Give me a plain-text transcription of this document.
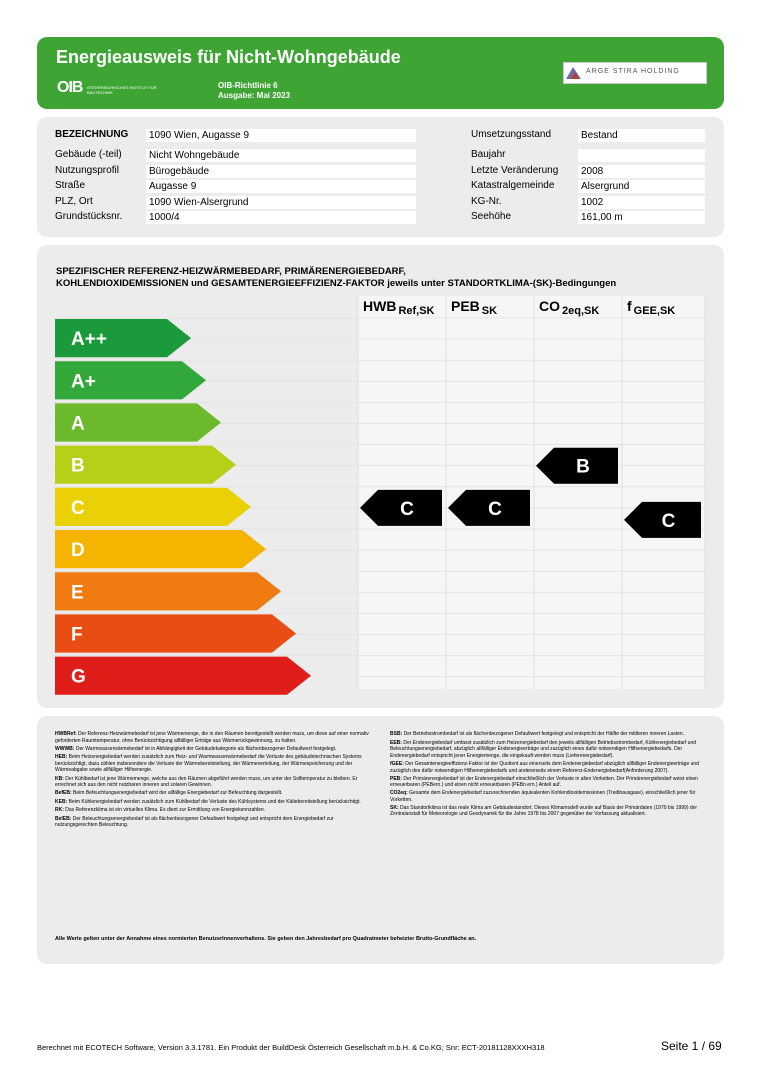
Energieausweis für Nicht-Wohngebäude
OIB ÖSTERREICHISCHES INSTITUT FÜR BAUTECHNIK
OIB-Richtlinie 6
Ausgabe: Mai 2023
ARGE STIRA HOLDING
BEZEICHNUNG	1090 Wien, Augasse 9
Gebäude (-teil)	Nicht Wohngebäude
Nutzungsprofil	Bürogebäude
Straße	Augasse 9
PLZ, Ort	1090 Wien-Alsergrund
Grundstücksnr.	1000/4
Umsetzungsstand	Bestand
Baujahr
Letzte Veränderung	2008
Katastralgemeinde	Alsergrund
KG-Nr.	1002
Seehöhe	161,00 m
SPEZIFISCHER REFERENZ-HEIZWÄRMEBEDARF, PRIMÄRENERGIEBEDARF,
KOHLENDIOXIDEMISSIONEN und GESAMTENERGIEEFFIZIENZ-FAKTOR jeweils unter STANDORTKLIMA-(SK)-Bedingungen
A++
A+
A
B
C
D
E
F
G
HWB $_{Ref,SK}$
C
PEB $_{SK}$
C
CO $_{2eq,SK}$
B
f $_{GEE,SK}$
C
HWBRef: Der Referenz-Heizwärmebedarf ist jene Wärmemenge, die in den Räumen bereitgestellt werden muss, um diese auf einer normativ geforderten Raumtemperatur, ohne Berücksichtigung allfälliger Erträge aus Wärmerückgewinnung, zu halten.
WWWB: Der Warmwasserwärmebedarf ist in Abhängigkeit der Gebäudekategorie als flächenbezogener Defaultwert festgelegt.
HEB: Beim Heizenergiebedarf werden zusätzlich zum Heiz- und Warmwasserwärmebedarf die Verluste des gebäudetechnischen Systems berücksichtigt, dazu zählen insbesondere die Verluste der Wärmebereitstellung, der Wärmeverteilung, der Wärmespeicherung und der Wärmeabgabe sowie allfälliger Hilfsenergie.
KB: Der Kühlbedarf ist jene Wärmemenge, welche aus den Räumen abgeführt werden muss, um unter der Solltemperatur zu bleiben. Er errechnet sich aus den nicht nutzbaren inneren und solaren Gewinnen.
BefEB: Beim Befeuchtungsenergiebedarf wird der allfällige Energiebedarf zur Befeuchtung dargestellt.
KEB: Beim Kühlenergiebedarf werden zusätzlich zum Kühlbedarf die Verluste des Kühlsystems und der Kältebereitstellung berücksichtigt.
RK: Das Referenzklima ist ein virtuelles Klima. Es dient zur Ermittlung von Energiekennzahlen.
BelEB: Der Beleuchtungsenergiebedarf ist als flächenbezogener Defaultwert festgelegt und entspricht dem Energiebedarf zur nutzungsgerechten Beleuchtung.
BSB: Der Betriebsstrombedarf ist als flächenbezogener Defaultwert festgelegt und entspricht der Hälfte der mittleren inneren Lasten.
EEB: Der Endenergiebedarf umfasst zusätzlich zum Heizenergiebedarf den jeweils allfälligen Betriebsstrombedarf, Kühlenergiebedarf und Beleuchtungsenergiebedarf, abzüglich allfälliger Endenergieerträge und zuzüglich eines dafür notwendigen Hilfsenergiebedarfs. Der Endenergiebedarf entspricht jener Energiemenge, die eingekauft werden muss (Lieferenergiebedarf).
fGEE: Der Gesamtenergieeffizienz-Faktor ist der Quotient aus einerseits dem Endenergiebedarf abzüglich allfälliger Endenergieerträge und zuzüglich des dafür notwendigen Hilfsenergiebedarfs und andererseits einem Referenz-Endenergiebedarf(Anforderung 2007).
PEB: Der Primärenergiebedarf ist der Endenergiebedarf einschließlich der Verluste in allen Vorketten. Der Primärenergiebedarf weist einen erneuerbaren (PEBern.) und einen nicht erneuerbaren (PEBn.ern.) Anteil auf.
CO2eq: Gesamte dem Endenergiebedarf zuzurechnenden äquivalenten Kohlendioxidemissionen (Treibhausgase), einschließlich jener für Vorketten.
SK: Das Standortklima ist das reale Klima am Gebäudestandort. Dieses Klimamodell wurde auf Basis der Primärdaten (1970 bis 1999) der Zentralanstalt für Meteorologie und Geodynamik für die Jahre 1978 bis 2007 gegenüber der Vorfassung aktualisiert.
Alle Werte gelten unter der Annahme eines normierten BenutzerInnenverhaltens. Sie geben den Jahresbedarf pro Quadratmeter beheizter Brutto-Grundfläche an.
Berechnet mit ECOTECH Software, Version 3.3.1781. Ein Produkt der BuildDesk Österreich Gesellschaft m.b.H. & Co.KG; Snr: ECT-20181128XXXH318	Seite 1 / 69
